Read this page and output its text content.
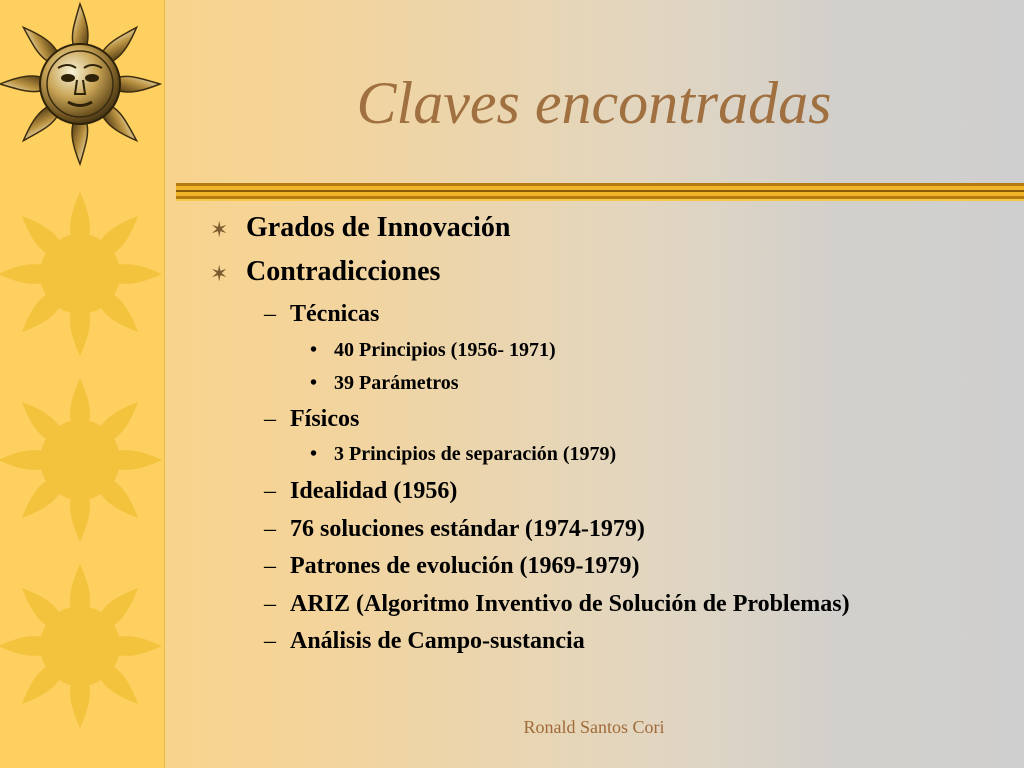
Claves encontradas
✶ Grados de Innovación
✶ Contradicciones
– Técnicas
• 40 Principios (1956- 1971)
• 39 Parámetros
– Físicos
• 3 Principios de separación (1979)
– Idealidad (1956)
– 76 soluciones estándar (1974-1979)
– Patrones de evolución (1969-1979)
– ARIZ (Algoritmo Inventivo de Solución de Problemas)
– Análisis de Campo-sustancia
Ronald Santos Cori
